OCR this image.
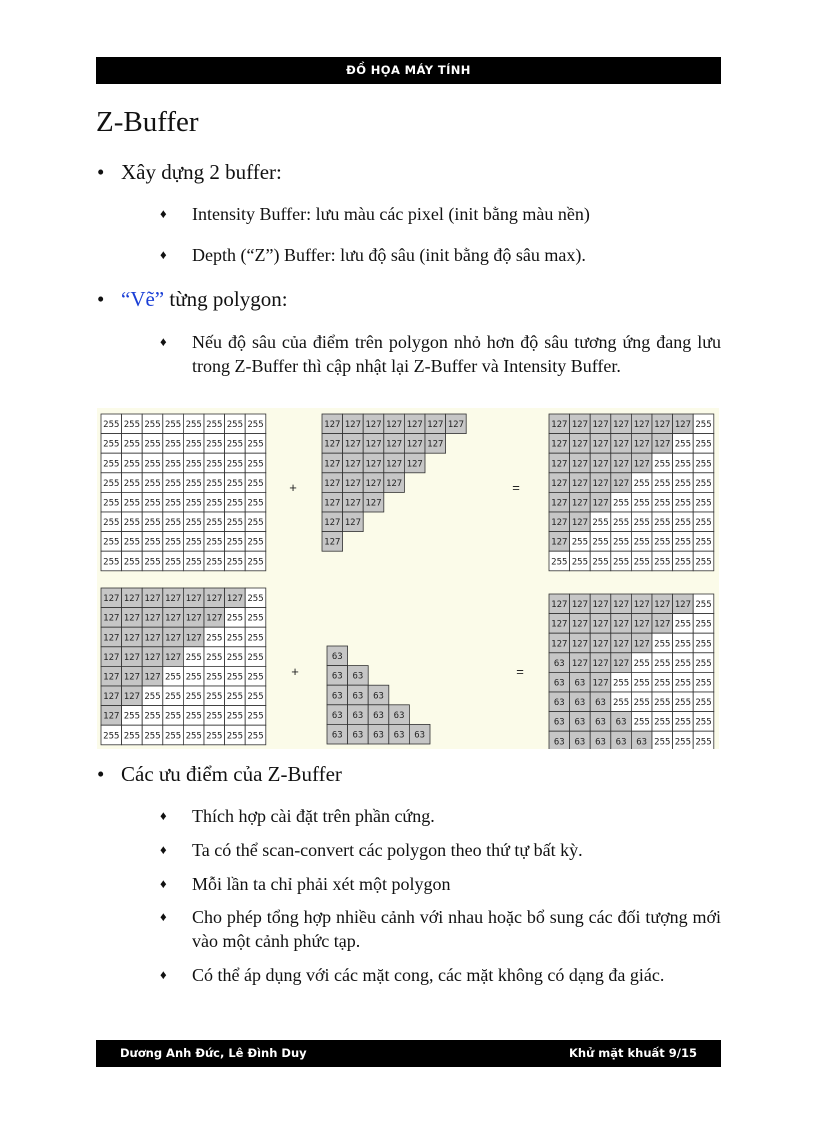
ĐỒ HỌA MÁY TÍNH
Z-Buffer
• Xây dựng 2 buffer:
♦ Intensity Buffer: lưu màu các pixel (init bằng màu nền)
♦ Depth (“Z”) Buffer: lưu độ sâu (init bằng độ sâu max).
• “Vẽ” từng polygon:
♦ Nếu độ sâu của điểm trên polygon nhỏ hơn độ sâu tương ứng đang lưu trong Z-Buffer thì cập nhật lại Z-Buffer và Intensity Buffer.
255 255 255 255 255 255 255 255
255 255 255 255 255 255 255 255
255 255 255 255 255 255 255 255
255 255 255 255 255 255 255 255
255 255 255 255 255 255 255 255
255 255 255 255 255 255 255 255
255 255 255 255 255 255 255 255
255 255 255 255 255 255 255 255
127 127 127 127 127 127 127
127 127 127 127 127 127
127 127 127 127 127
127 127 127 127
127 127 127
127 127
127
127 127 127 127 127 127 127 255
127 127 127 127 127 127 255 255
127 127 127 127 127 255 255 255
127 127 127 127 255 255 255 255
127 127 127 255 255 255 255 255
127 127 255 255 255 255 255 255
127 255 255 255 255 255 255 255
255 255 255 255 255 255 255 255
127 127 127 127 127 127 127 255
127 127 127 127 127 127 255 255
127 127 127 127 127 255 255 255
127 127 127 127 255 255 255 255
127 127 127 255 255 255 255 255
127 127 255 255 255 255 255 255
127 255 255 255 255 255 255 255
255 255 255 255 255 255 255 255
63
63 63
63 63 63
63 63 63 63
63 63 63 63 63
127 127 127 127 127 127 127 255
127 127 127 127 127 127 255 255
127 127 127 127 127 255 255 255
63 127 127 127 255 255 255 255
63 63 127 255 255 255 255 255
63 63 63 255 255 255 255 255
63 63 63 63 255 255 255 255
63 63 63 63 63 255 255 255
+	=
+	=
• Các ưu điểm của Z-Buffer
♦ Thích hợp cài đặt trên phần cứng.
♦ Ta có thể scan-convert các polygon theo thứ tự bất kỳ.
♦ Mỗi lần ta chỉ phải xét một polygon
♦ Cho phép tổng hợp nhiều cảnh với nhau hoặc bổ sung các đối tượng mới vào một cảnh phức tạp.
♦ Có thể áp dụng với các mặt cong, các mặt không có dạng đa giác.
Dương Anh Đức, Lê Đình Duy	Khử mặt khuất 9/15
